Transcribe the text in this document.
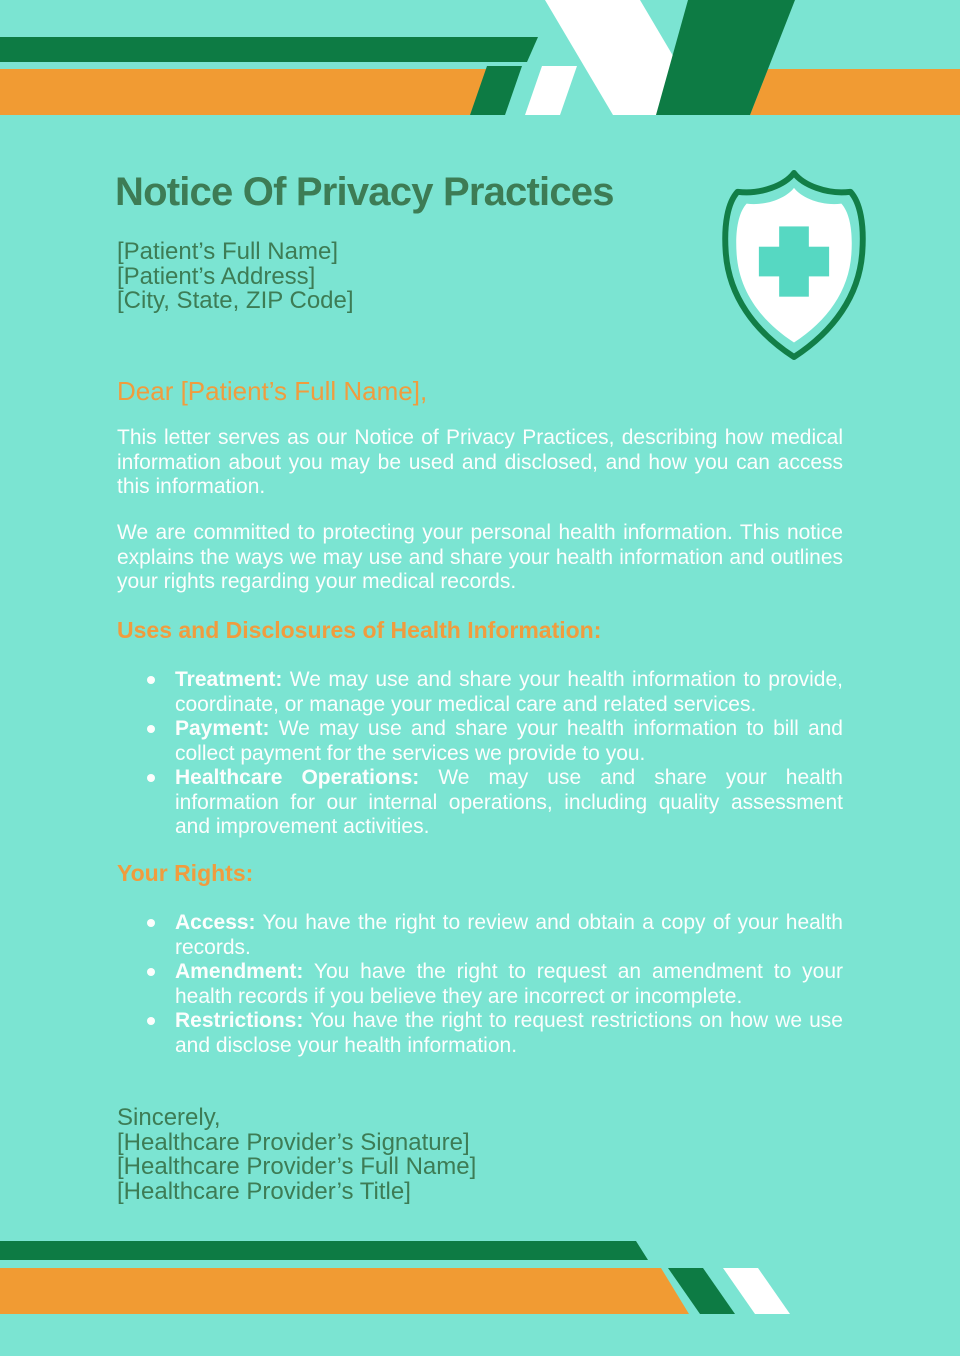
Notice Of Privacy Practices
[Patient’s Full Name]
[Patient’s Address]
[City, State, ZIP Code]
Dear [Patient’s Full Name],

This letter serves as our Notice of Privacy Practices, describing how medical information about you may be used and disclosed, and how you can access this information.

We are committed to protecting your personal health information. This notice explains the ways we may use and share your health information and outlines your rights regarding your medical records.

Uses and Disclosures of Health Information:
Treatment: We may use and share your health information to provide, coordinate, or manage your medical care and related services.
Payment: We may use and share your health information to bill and collect payment for the services we provide to you.
Healthcare Operations: We may use and share your health information for our internal operations, including quality assessment and improvement activities.
Your Rights:
Access: You have the right to review and obtain a copy of your health records.
Amendment: You have the right to request an amendment to your health records if you believe they are incorrect or incomplete.
Restrictions: You have the right to request restrictions on how we use and disclose your health information.
Sincerely,
[Healthcare Provider’s Signature]
[Healthcare Provider’s Full Name]
[Healthcare Provider’s Title]
